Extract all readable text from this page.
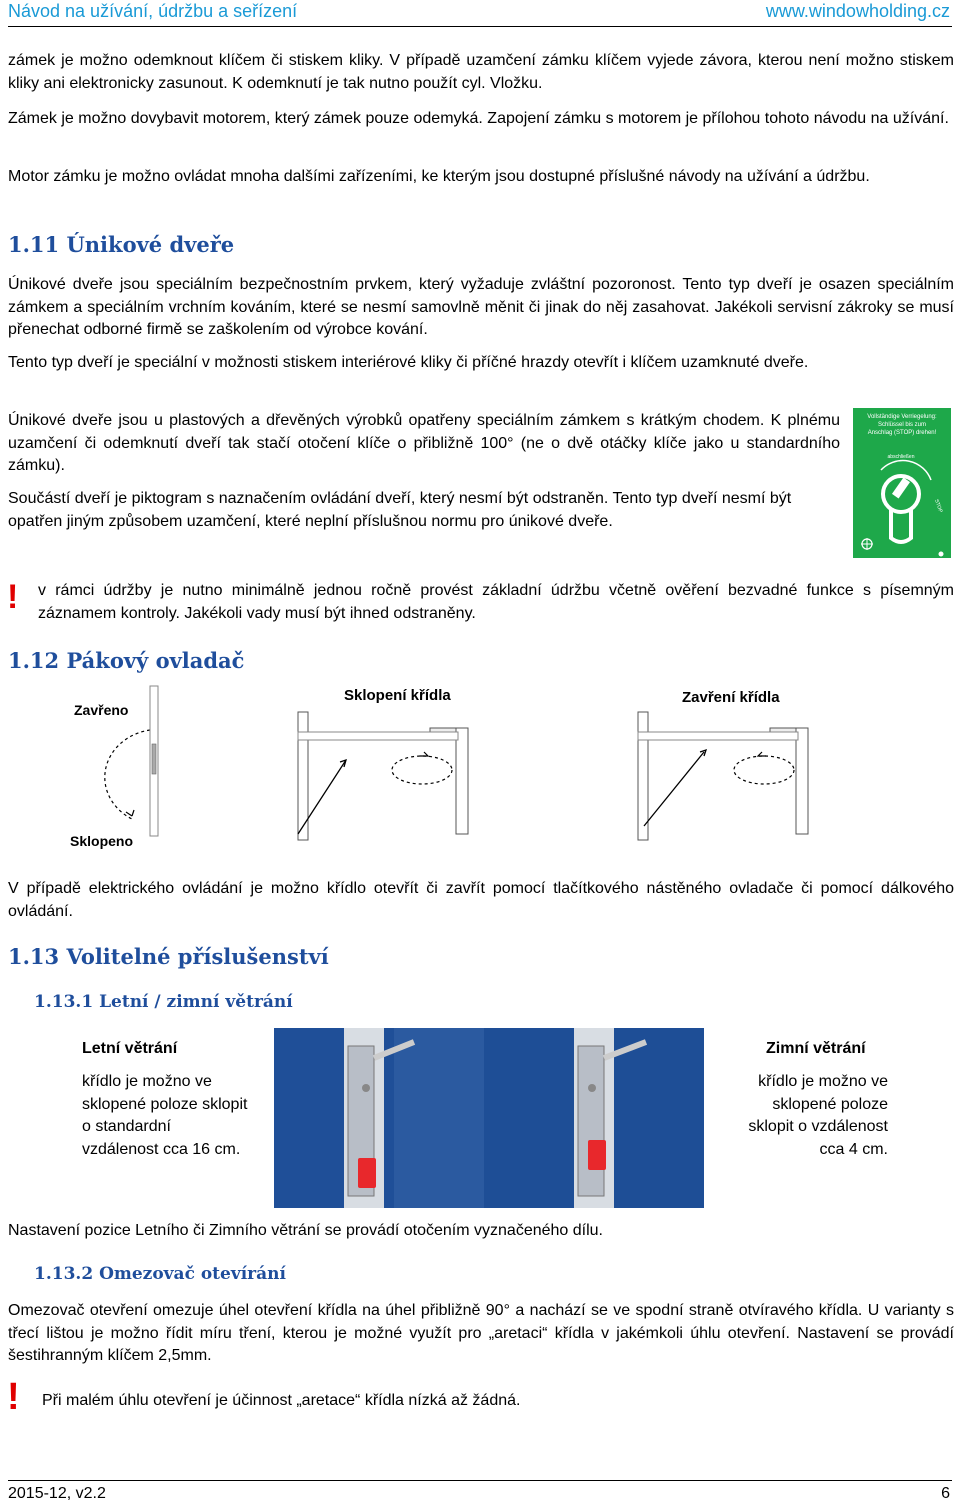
Návod na užívání, údržbu a seřízení	www.windowholding.cz

zámek je možno odemknout klíčem či stiskem kliky. V případě uzamčení zámku klíčem vyjede závora, kterou není možno stiskem kliky ani elektronicky zasunout. K odemknutí je tak nutno použít cyl. Vložku.

Zámek je možno dovybavit motorem, který zámek pouze odemyká. Zapojení zámku s motorem je přílohou tohoto návodu na užívání.

Motor zámku je možno ovládat mnoha dalšími zařízeními, ke kterým jsou dostupné příslušné návody na užívání a údržbu.

1.11 Únikové dveře

Únikové dveře jsou speciálním bezpečnostním prvkem, který vyžaduje zvláštní pozoronost. Tento typ dveří je osazen speciálním zámkem a speciálním vrchním kováním, které se nesmí samovlně měnit či jinak do něj zasahovat. Jakékoli servisní zákroky se musí přenechat odborné firmě se zaškolením od výrobce kování.

Tento typ dveří je speciální v možnosti stiskem interiérové kliky či příčné hrazdy otevřít i klíčem uzamknuté dveře.

Únikové dveře jsou u plastových a dřevěných výrobků opatřeny speciálním zámkem s krátkým chodem. K plnému uzamčení či odemknutí dveří tak stačí otočení klíče o přibližně 100° (ne o dvě otáčky klíče jako u standardního zámku).

Součástí dveří je piktogram s naznačením ovládání dveří, který nesmí být odstraněn. Tento typ dveří nesmí být opatřen jiným způsobem uzamčení, které neplní příslušnou normu pro únikové dveře.

Vollständige Verriegelung:
Schlüssel bis zum
Anschlag (STOP) drehen!
abschließen
STOP
! v rámci údržby je nutno minimálně jednou ročně provést základní údržbu včetně ověření bezvadné funkce s písemným záznamem kontroly. Jakékoli vady musí být ihned odstraněny.

1.12 Pákový ovladač
Zavřeno
Sklopeno
Sklopení křídla	Zavření křídla

V případě elektrického ovládání je možno křídlo otevřít či zavřít pomocí tlačítkového nástěného ovladače či pomocí dálkového ovládání.

1.13 Volitelné příslušenství
1.13.1 Letní / zimní větrání
Letní větrání

křídlo je možno ve sklopené poloze sklopit o standardní vzdálenost cca 16 cm.

Zimní větrání

křídlo je možno ve sklopené poloze sklopit o vzdálenost cca 4 cm.

Nastavení pozice Letního či Zimního větrání se provádí otočením vyznačeného dílu.

1.13.2 Omezovač otevírání

Omezovač otevření omezuje úhel otevření křídla na úhel přibližně 90° a nachází se ve spodní straně otvíravého křídla. U varianty s třecí lištou je možno řídit míru tření, kterou je možné využít pro „aretaci“ křídla v jakémkoli úhlu otevření. Nastavení se provádí šestihranným klíčem 2,5mm.

! Při malém úhlu otevření je účinnost „aretace“ křídla nízká až žádná.

2015-12, v2.2	6
